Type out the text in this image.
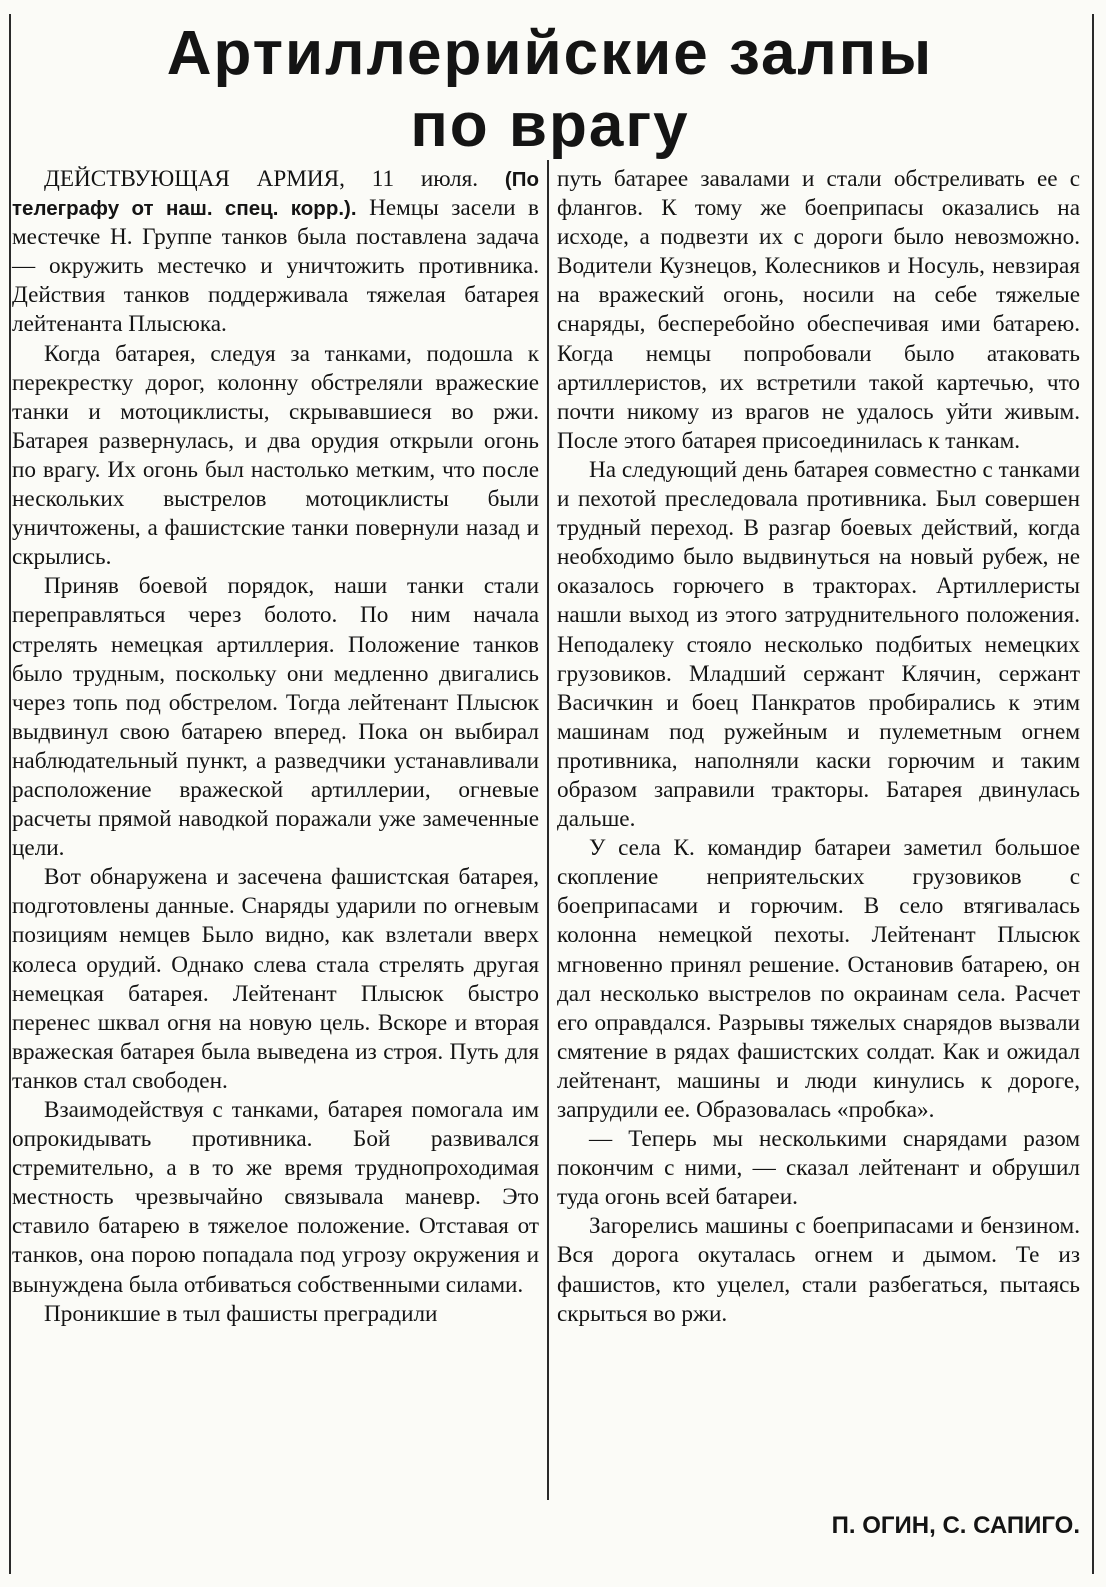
Артиллерийские залпы
по врагу

ДЕЙСТВУЮЩАЯ АРМИЯ, 11 июля. (По телеграфу от наш. спец. корр.). Немцы засели в местечке Н. Группе танков была поставлена задача — окружить местечко и уничтожить противника. Действия танков поддерживала тяжелая батарея лейтенанта Плысюка.

Когда батарея, следуя за танками, подошла к перекрестку дорог, колонну обстреляли вражеские танки и мотоциклисты, скрывавшиеся во ржи. Батарея развернулась, и два орудия открыли огонь по врагу. Их огонь был настолько метким, что после нескольких выстрелов мотоциклисты были уничтожены, а фашистские танки повернули назад и скрылись.

Приняв боевой порядок, наши танки стали переправляться через болото. По ним начала стрелять немецкая артиллерия. Положение танков было трудным, поскольку они медленно двигались через топь под обстрелом. Тогда лейтенант Плысюк выдвинул свою батарею вперед. Пока он выбирал наблюдательный пункт, а разведчики устанавливали расположение вражеской артиллерии, огневые расчеты прямой наводкой поражали уже замеченные цели.

Вот обнаружена и засечена фашистская батарея, подготовлены данные. Снаряды ударили по огневым позициям немцев Было видно, как взлетали вверх колеса орудий. Однако слева стала стрелять другая немецкая батарея. Лейтенант Плысюк быстро перенес шквал огня на новую цель. Вскоре и вторая вражеская батарея была выведена из строя. Путь для танков стал свободен.

Взаимодействуя с танками, батарея помогала им опрокидывать противника. Бой развивался стремительно, а в то же время труднопроходимая местность чрезвычайно связывала маневр. Это ставило батарею в тяжелое положение. Отставая от танков, она порою попадала под угрозу окружения и вынуждена была отбиваться собственными силами.

Проникшие в тыл фашисты преградили

путь батарее завалами и стали обстреливать ее с флангов. К тому же боеприпасы оказались на исходе, а подвезти их с дороги было невозможно. Водители Кузнецов, Колесников и Носуль, невзирая на вражеский огонь, носили на себе тяжелые снаряды, бесперебойно обеспечивая ими батарею. Когда немцы попробовали было атаковать артиллеристов, их встретили такой картечью, что почти никому из врагов не удалось уйти живым. После этого батарея присоединилась к танкам.

На следующий день батарея совместно с танками и пехотой преследовала противника. Был совершен трудный переход. В разгар боевых действий, когда необходимо было выдвинуться на новый рубеж, не оказалось горючего в тракторах. Артиллеристы нашли выход из этого затруднительного положения. Неподалеку стояло несколько подбитых немецких грузовиков. Младший сержант Клячин, сержант Васичкин и боец Панкратов пробирались к этим машинам под ружейным и пулеметным огнем противника, наполняли каски горючим и таким образом заправили тракторы. Батарея двинулась дальше.

У села К. командир батареи заметил большое скопление неприятельских грузовиков с боеприпасами и горючим. В село втягивалась колонна немецкой пехоты. Лейтенант Плысюк мгновенно принял решение. Остановив батарею, он дал несколько выстрелов по окраинам села. Расчет его оправдался. Разрывы тяжелых снарядов вызвали смятение в рядах фашистских солдат. Как и ожидал лейтенант, машины и люди кинулись к дороге, запрудили ее. Образовалась «пробка».

— Теперь мы несколькими снарядами разом покончим с ними, — сказал лейтенант и обрушил туда огонь всей батареи.

Загорелись машины с боеприпасами и бензином. Вся дорога окуталась огнем и дымом. Те из фашистов, кто уцелел, стали разбегаться, пытаясь скрыться во ржи.

П. ОГИН, С. САПИГО.
